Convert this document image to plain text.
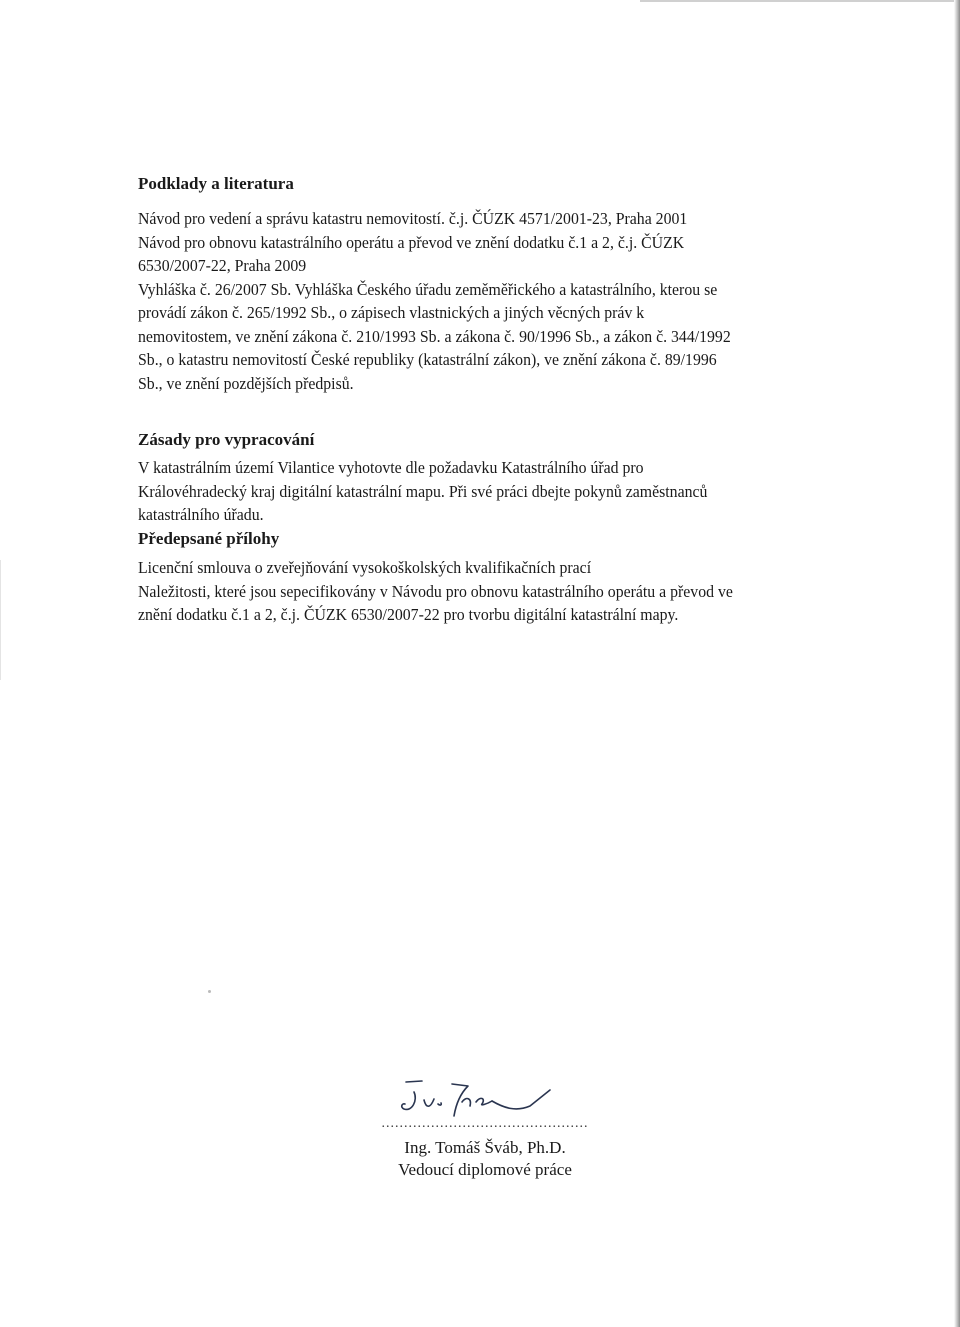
Podklady a literatura

Návod pro vedení a správu katastru nemovitostí. č.j. ČÚZK 4571/2001-23, Praha 2001

Návod pro obnovu katastrálního operátu a převod ve znění dodatku č.1 a 2, č.j. ČÚZK

6530/2007-22, Praha 2009

Vyhláška č. 26/2007 Sb. Vyhláška Českého úřadu zeměměřického a katastrálního, kterou se

provádí zákon č. 265/1992 Sb., o zápisech vlastnických a jiných věcných práv k

nemovitostem, ve znění zákona č. 210/1993 Sb. a zákona č. 90/1996 Sb., a zákon č. 344/1992

Sb., o katastru nemovitostí České republiky (katastrální zákon), ve znění zákona č. 89/1996

Sb., ve znění pozdějších předpisů.

Zásady pro vypracování

V katastrálním území Vilantice vyhotovte dle požadavku Katastrálního úřad pro

Královéhradecký kraj digitální katastrální mapu. Při své práci dbejte pokynů zaměstnanců

katastrálního úřadu.

Předepsané přílohy

Licenční smlouva o zveřejňování vysokoškolských kvalifikačních prací

Naležitosti, které jsou sepecifikovány v Návodu pro obnovu katastrálního operátu a převod ve

znění dodatku č.1 a 2, č.j. ČÚZK 6530/2007-22 pro tvorbu digitální katastrální mapy.

..............................................
Ing. Tomáš Šváb, Ph.D.
Vedoucí diplomové práce
